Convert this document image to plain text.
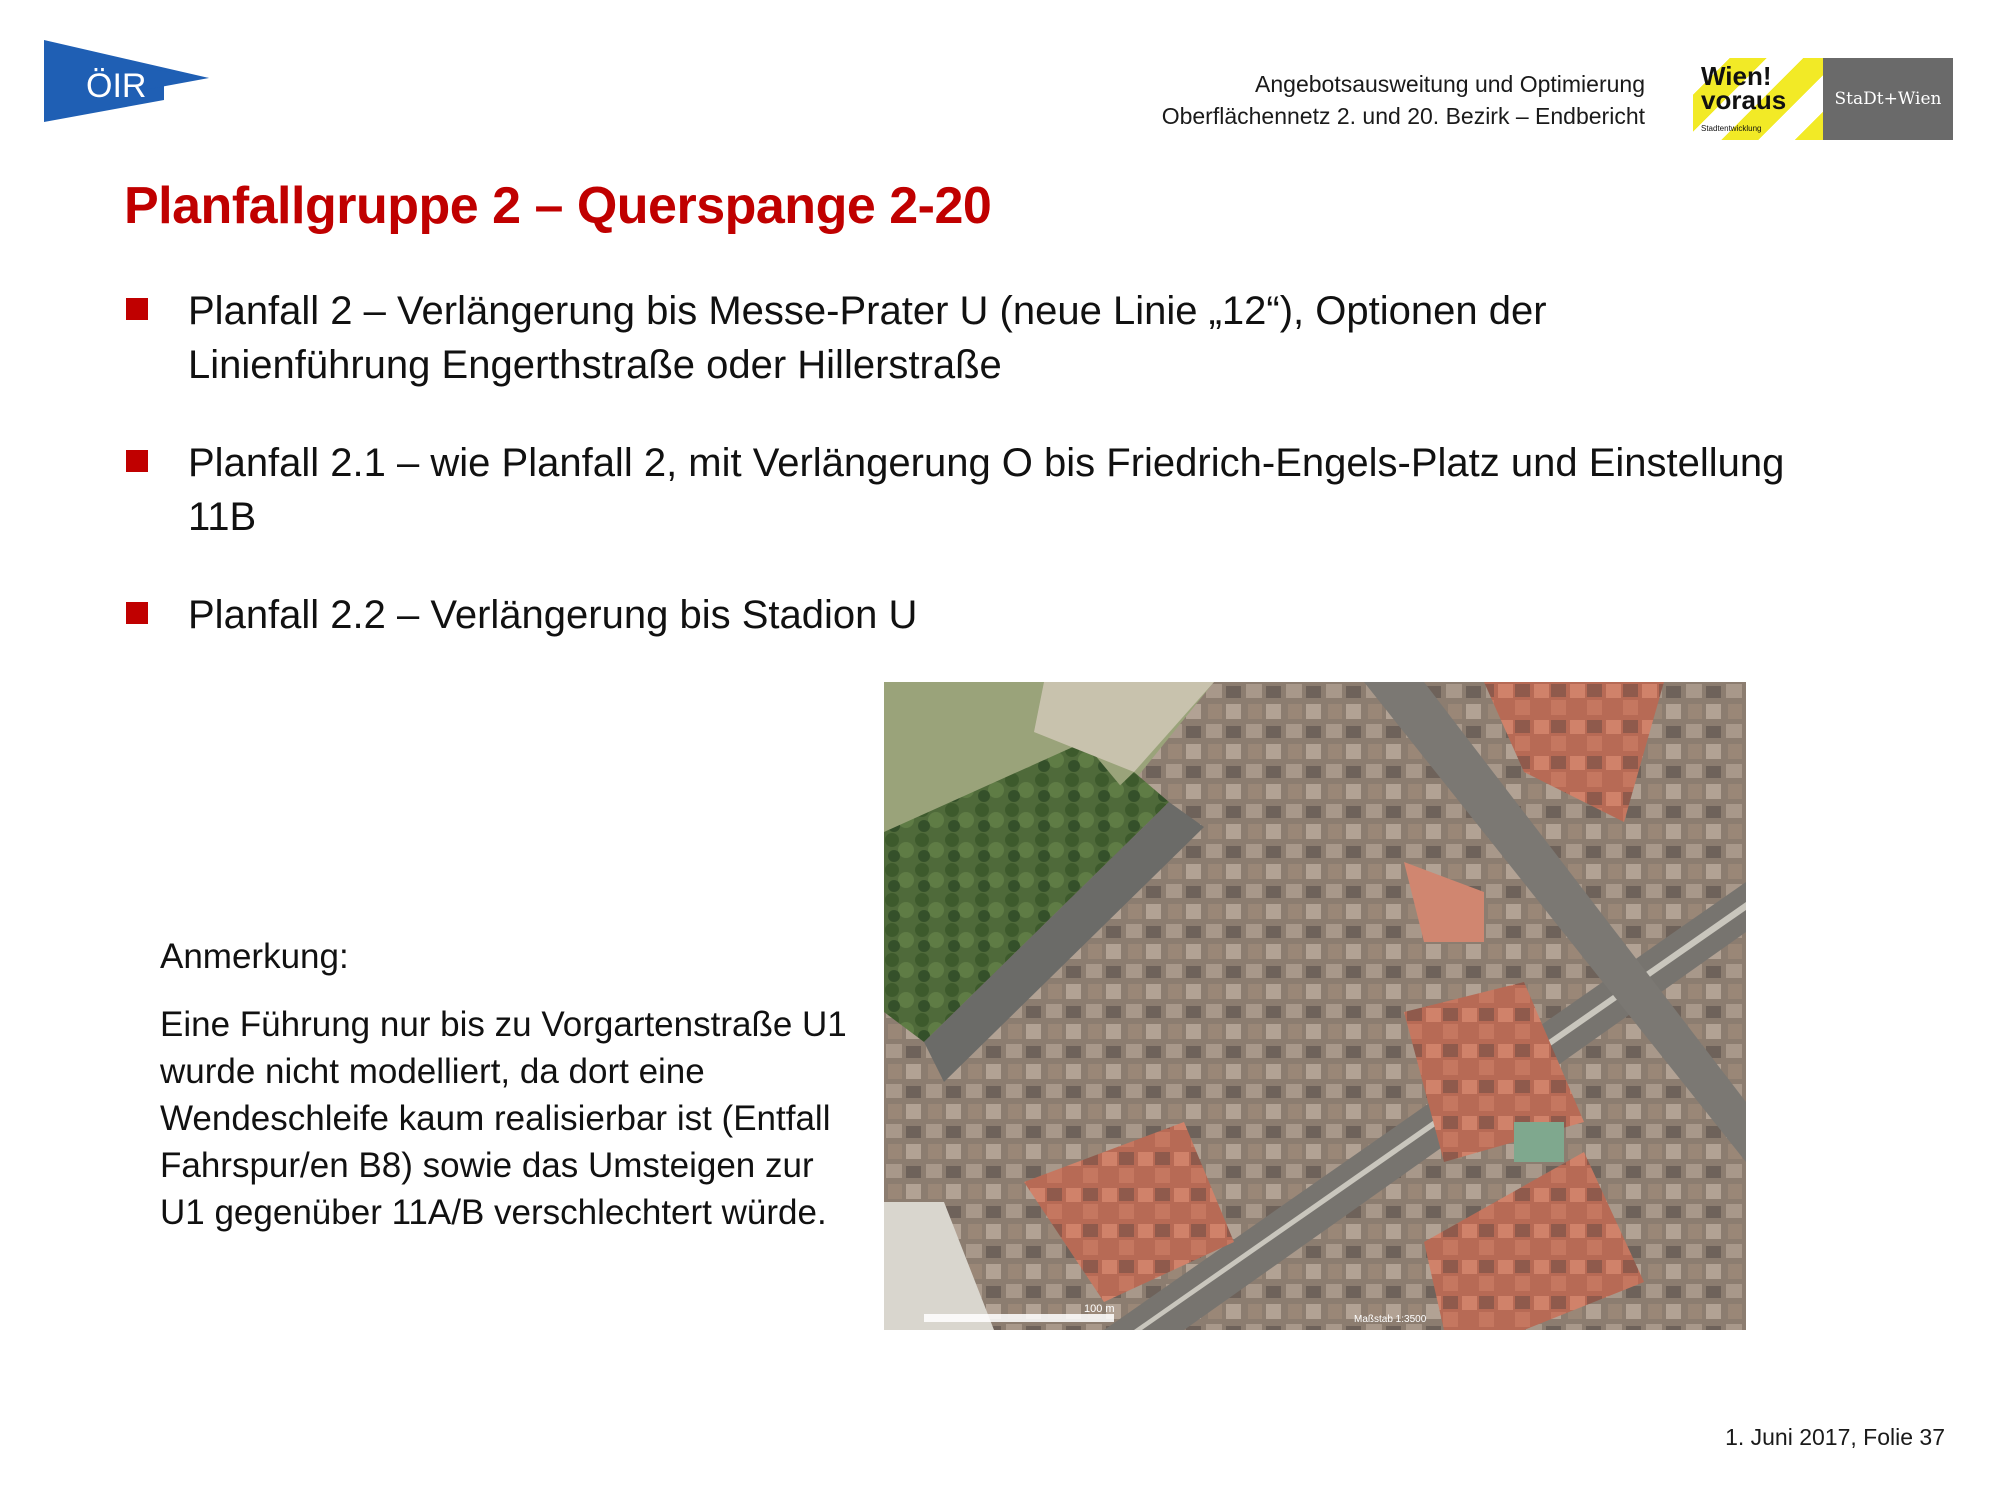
ÖIR	Angebotsausweitung und Optimierung
Oberflächennetz 2. und 20. Bezirk – Endbericht
Wien!
voraus
Stadtentwicklung
StaDt+Wien
Planfallgruppe 2 – Querspange 2-20
Planfall 2 – Verlängerung bis Messe-Prater U (neue Linie „12“), Optionen der Linienführung Engerthstraße oder Hillerstraße
Planfall 2.1 – wie Planfall 2, mit Verlängerung O bis Friedrich-Engels-Platz und Einstellung 11B
Planfall 2.2 – Verlängerung bis Stadion U
Anmerkung:
Eine Führung nur bis zu Vorgartenstraße U1 wurde nicht modelliert, da dort eine Wendeschleife kaum realisierbar ist (Entfall Fahrspur/en B8) sowie das Umsteigen zur U1 gegenüber 11A/B verschlechtert würde.
100 m
Maßstab 1:3500
1. Juni 2017, Folie 37
